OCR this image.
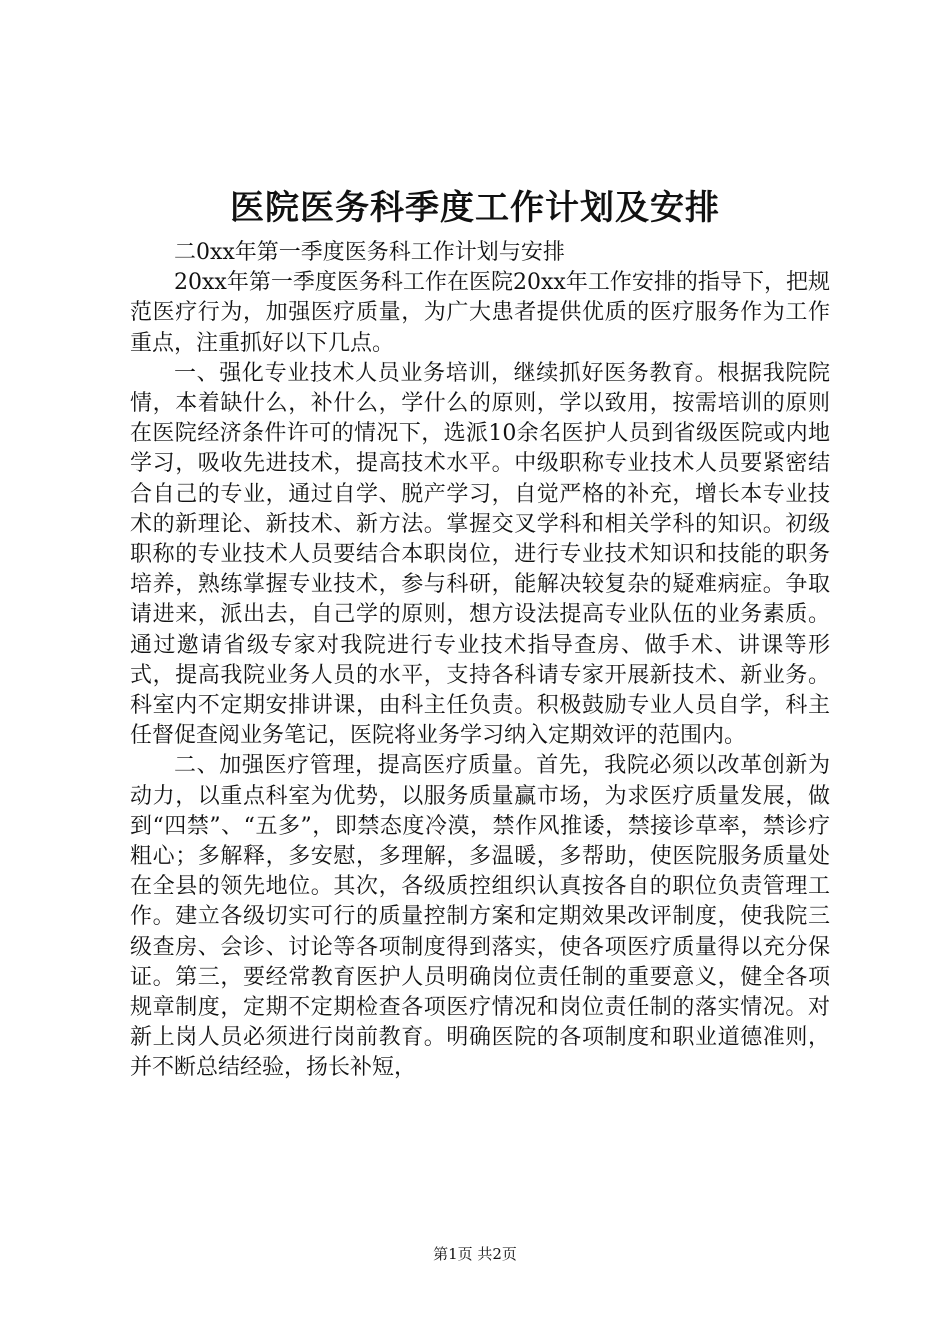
医院医务科季度工作计划及安排

二0xx年第一季度医务科工作计划与安排

20xx年第一季度医务科工作在医院20xx年工作安排的指导下，把规范医疗行为，加强医疗质量，为广大患者提供优质的医疗服务作为工作重点，注重抓好以下几点。

一、强化专业技术人员业务培训，继续抓好医务教育。根据我院院情，本着缺什么，补什么，学什么的原则，学以致用，按需培训的原则在医院经济条件许可的情况下，选派10余名医护人员到省级医院或内地学习，吸收先进技术，提高技术水平。中级职称专业技术人员要紧密结合自己的专业，通过自学、脱产学习，自觉严格的补充，增长本专业技术的新理论、新技术、新方法。掌握交叉学科和相关学科的知识。初级职称的专业技术人员要结合本职岗位，进行专业技术知识和技能的职务培养，熟练掌握专业技术，参与科研，能解决较复杂的疑难病症。争取请进来，派出去，自己学的原则，想方设法提高专业队伍的业务素质。通过邀请省级专家对我院进行专业技术指导查房、做手术、讲课等形式，提高我院业务人员的水平，支持各科请专家开展新技术、新业务。科室内不定期安排讲课，由科主任负责。积极鼓励专业人员自学，科主任督促查阅业务笔记，医院将业务学习纳入定期效评的范围内。

二、加强医疗管理，提高医疗质量。首先，我院必须以改革创新为动力，以重点科室为优势，以服务质量赢市场，为求医疗质量发展，做到“四禁”、“五多”，即禁态度冷漠，禁作风推诿，禁接诊草率，禁诊疗粗心；多解释，多安慰，多理解，多温暖，多帮助，使医院服务质量处在全县的领先地位。其次，各级质控组织认真按各自的职位负责管理工作。建立各级切实可行的质量控制方案和定期效果改评制度，使我院三级查房、会诊、讨论等各项制度得到落实，使各项医疗质量得以充分保证。第三，要经常教育医护人员明确岗位责任制的重要意义，健全各项规章制度，定期不定期检查各项医疗情况和岗位责任制的落实情况。对新上岗人员必须进行岗前教育。明确医院的各项制度和职业道德准则，并不断总结经验，扬长补短，

第1页 共2页
